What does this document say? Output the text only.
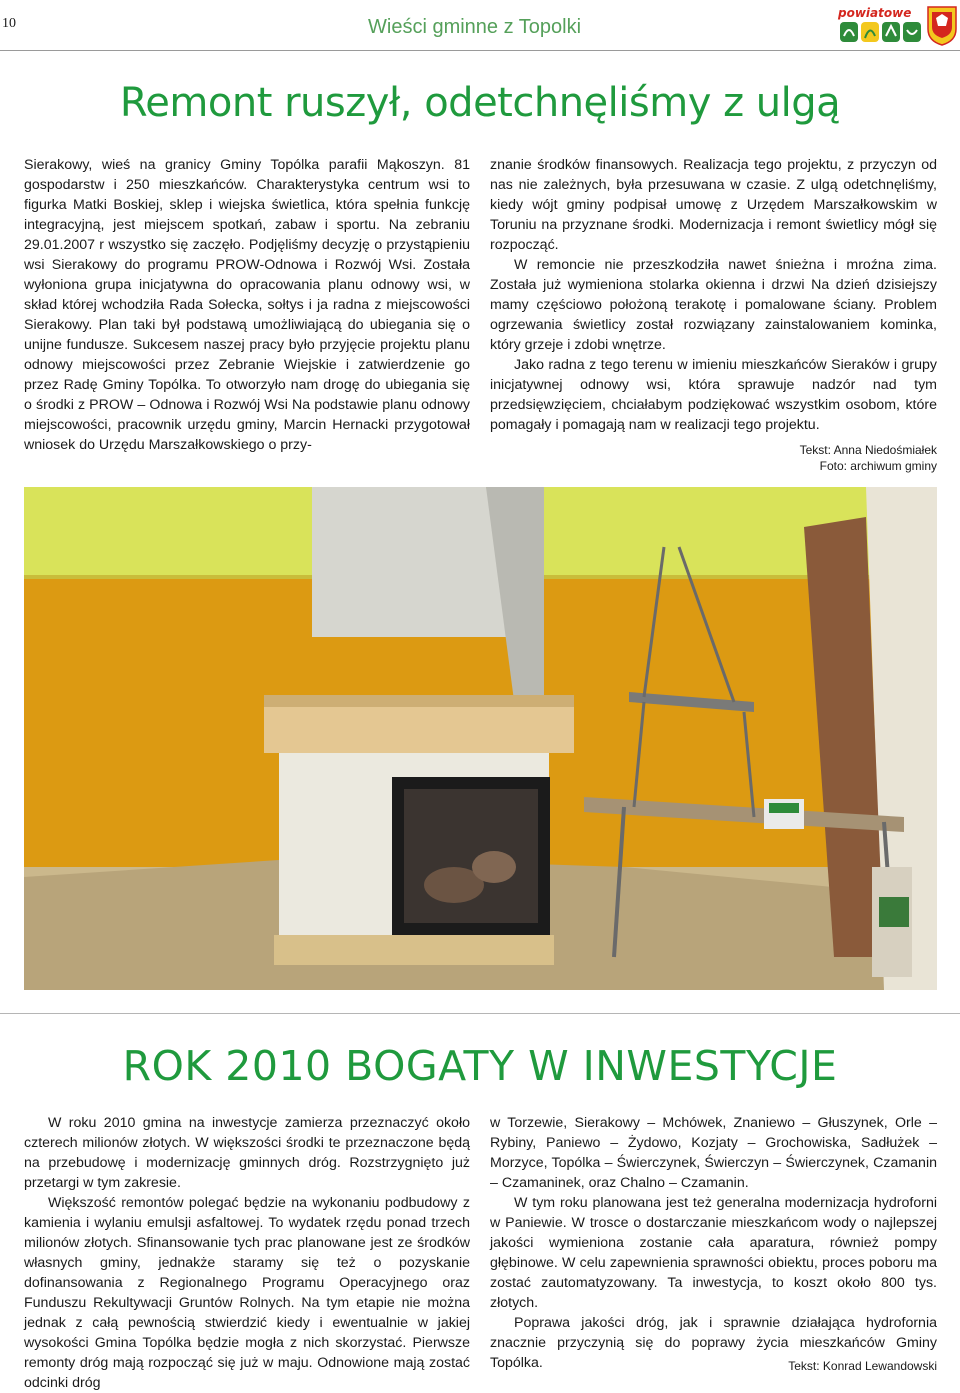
10	Wieści gminne z Topolki
powiatowe
Remont ruszył, odetchnęliśmy z ulgą

Sierakowy, wieś na granicy Gminy Topólka parafii Mąkoszyn. 81 gospodarstw i 250 mieszkańców. Charakterystyka centrum wsi to figurka Matki Boskiej, sklep i wiejska świetlica, która spełnia funkcję integracyjną, jest miejscem spotkań, zabaw i sportu. Na zebraniu 29.01.2007 r wszystko się zaczęło. Podjęliśmy decyzję o przystąpieniu wsi Sierakowy do programu PROW-Odnowa i Rozwój Wsi. Została wyłoniona grupa inicjatywna do opracowania planu odnowy wsi, w skład której wchodziła Rada Sołecka, sołtys i ja radna z miejscowości Sierakowy. Plan taki był podstawą umożliwiającą do ubiegania się o unijne fundusze. Sukcesem naszej pracy było przyjęcie projektu planu odnowy miejscowości przez Zebranie Wiejskie i zatwierdzenie go przez Radę Gminy Topólka. To otworzyło nam drogę do ubiegania się o środki z PROW – Odnowa i Rozwój Wsi Na podstawie planu odnowy miejscowości, pracownik urzędu gminy, Marcin Hernacki przygotował wniosek do Urzędu Marszałkowskiego o przy-

znanie środków finansowych. Realizacja tego projektu, z przyczyn od nas nie zależnych, była przesuwana w czasie. Z ulgą odetchnęliśmy, kiedy wójt gminy podpisał umowę z Urzędem Marszałkowskim w Toruniu na przyznane środki. Modernizacja i remont świetlicy mógł się rozpocząć.

W remoncie nie przeszkodziła nawet śnieżna i mroźna zima. Została już wymieniona stolarka okienna i drzwi Na dzień dzisiejszy mamy częściowo położoną terakotę i pomalowane ściany. Problem ogrzewania świetlicy został rozwiązany zainstalowaniem kominka, który grzeje i zdobi wnętrze.

Jako radna z tego terenu w imieniu mieszkańców Sieraków i grupy inicjatywnej odnowy wsi, która sprawuje nadzór nad tym przedsięwzięciem, chciałabym podziękować wszystkim osobom, które pomagały i pomagają nam w realizacji tego projektu.

Tekst: Anna Niedośmiałek
Foto: archiwum gminy
ROK 2010 BOGATY W INWESTYCJE

W roku 2010 gmina na inwestycje zamierza przeznaczyć około czterech milionów złotych. W większości środki te przeznaczone będą na przebudowę i modernizację gminnych dróg. Rozstrzygnięto już przetargi w tym zakresie.

Większość remontów polegać będzie na wykonaniu podbudowy z kamienia i wylaniu emulsji asfaltowej. To wydatek rzędu ponad trzech milionów złotych. Sfinansowanie tych prac planowane jest ze środków własnych gminy, jednakże staramy się też o pozyskanie dofinansowania z Regionalnego Programu Operacyjnego oraz Funduszu Rekultywacji Gruntów Rolnych. Na tym etapie nie można jednak z całą pewnością stwierdzić kiedy i ewentualnie w jakiej wysokości Gmina Topólka będzie mogła z nich skorzystać. Pierwsze remonty dróg mają rozpocząć się już w maju. Odnowione mają zostać odcinki dróg

w Torzewie, Sierakowy – Mchówek, Znaniewo – Głuszynek, Orle – Rybiny, Paniewo – Żydowo, Kozjaty – Grochowiska, Sadłużek – Morzyce, Topólka – Świerczynek, Świerczyn – Świerczynek, Czamanin – Czamaninek, oraz Chalno – Czamanin.

W tym roku planowana jest też generalna modernizacja hydroforni w Paniewie. W trosce o dostarczanie mieszkańcom wody o najlepszej jakości wymieniona zostanie cała aparatura, również pompy głębinowe. W celu zapewnienia sprawności obiektu, proces poboru ma zostać zautomatyzowany. Ta inwestycja, to koszt około 800 tys. złotych.

Poprawa jakości dróg, jak i sprawnie działająca hydrofornia znacznie przyczynią się do poprawy życia mieszkańców Gminy Topólka.	Tekst: Konrad Lewandowski
